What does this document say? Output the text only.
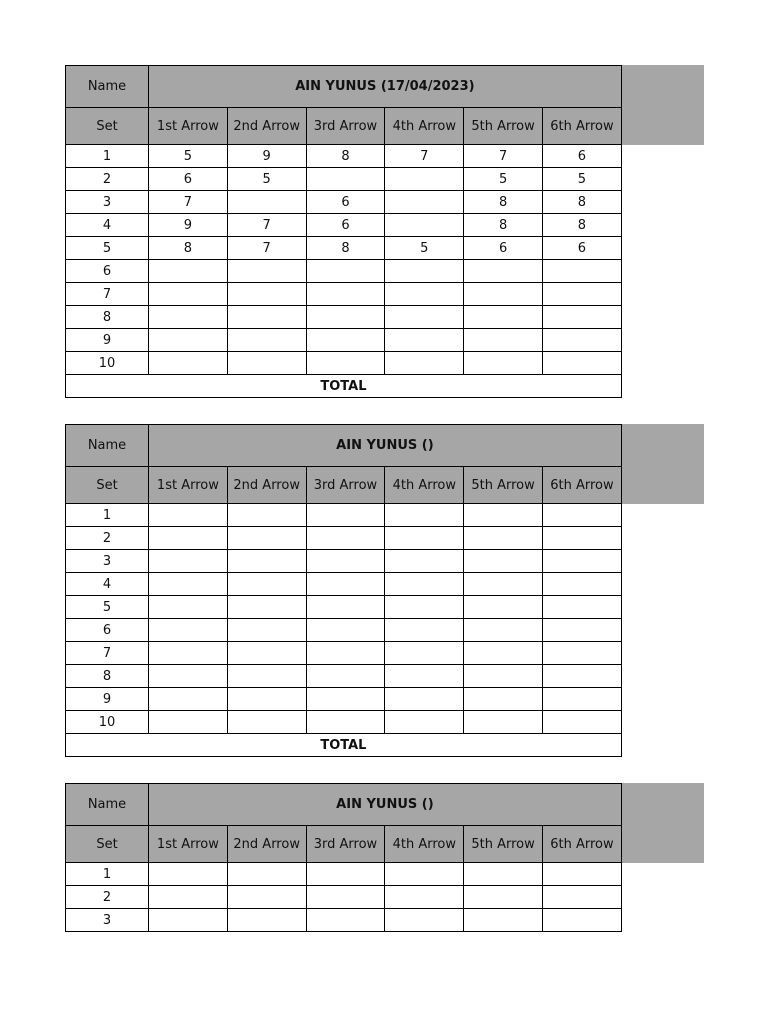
Name	AIN YUNUS (17/04/2023)					
Set	1st Arrow	2nd Arrow	3rd Arrow	4th Arrow	5th Arrow	6th Arrow
1	5	9	8	7	7	6
2	6	5			5	5
3	7		6		8	8
4	9	7	6		8	8
5	8	7	8	5	6	6
6						
7						
8						
9						
10						
TOTAL						
Name	AIN YUNUS ()					
Set	1st Arrow	2nd Arrow	3rd Arrow	4th Arrow	5th Arrow	6th Arrow
1						
2						
3						
4						
5						
6						
7						
8						
9						
10						
TOTAL						
Name	AIN YUNUS ()					
Set	1st Arrow	2nd Arrow	3rd Arrow	4th Arrow	5th Arrow	6th Arrow
1						
2						
3						
